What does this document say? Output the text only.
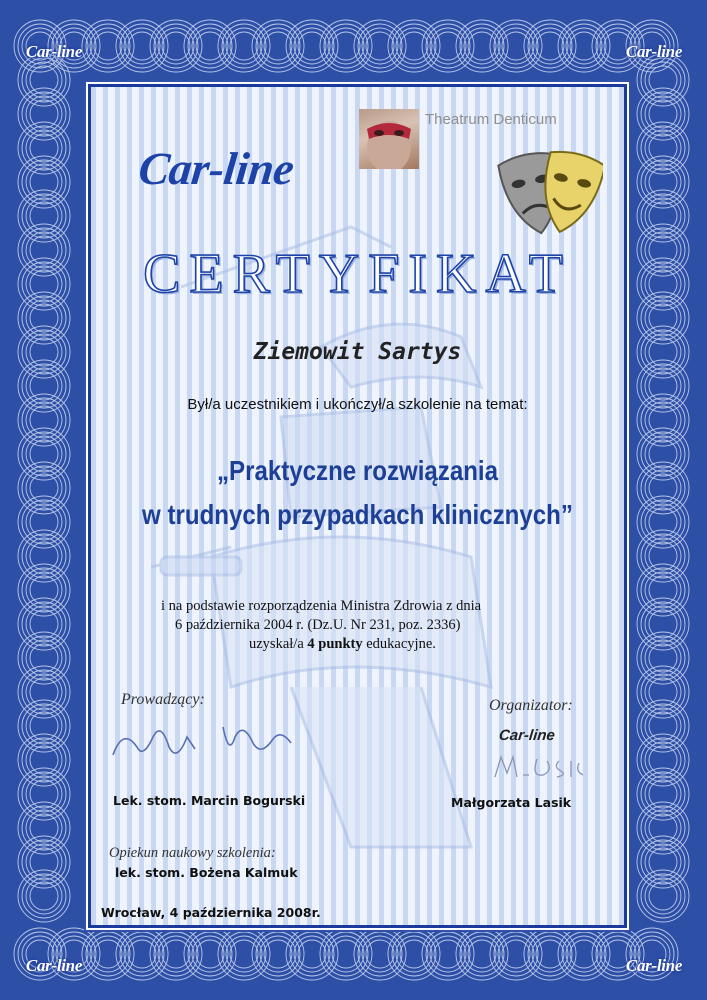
Car-line	Car-line
Car-line	Car-line
Car-line
Theatrum Denticum
CERTYFIKAT
Ziemowit Sartys
Był/a uczestnikiem i ukończył/a szkolenie na temat:
„Praktyczne rozwiązania
w trudnych przypadkach klinicznych”
i na podstawie rozporządzenia Ministra Zdrowia z dnia
6 października 2004 r. (Dz.U. Nr 231, poz. 2336)
uzyskał/a 4 punkty edukacyjne.
Prowadzący:	Organizator:
Car-line
Lek. stom. Marcin Bogurski	Małgorzata Lasik
Opiekun naukowy szkolenia:
lek. stom. Bożena Kalmuk
Wrocław, 4 października 2008r.
